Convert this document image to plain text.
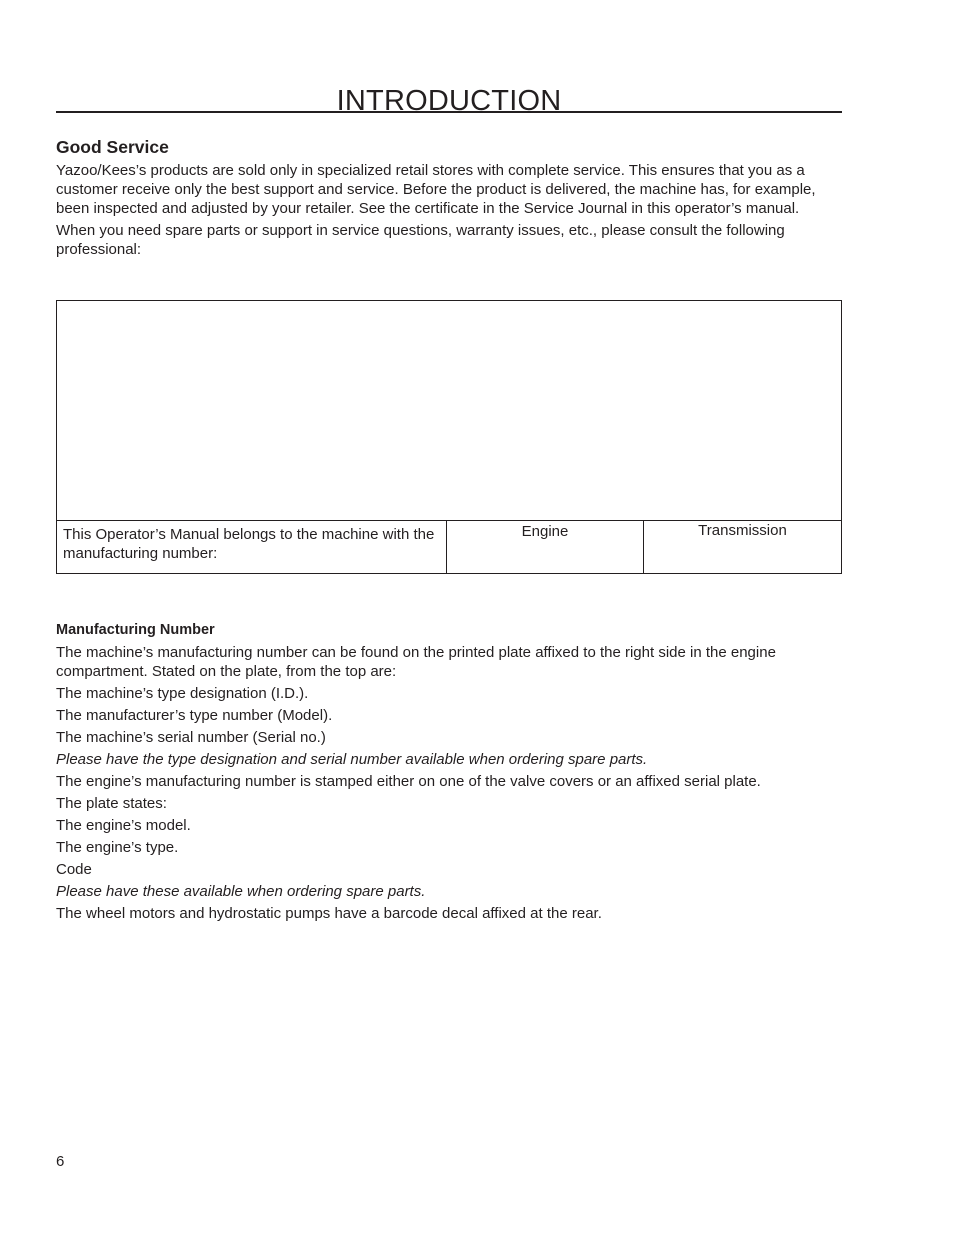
INTRODUCTION
Good Service

Yazoo/Kees’s products are sold only in specialized retail stores with complete service. This ensures that you as a customer receive only the best support and service. Before the product is delivered, the machine has, for example, been inspected and adjusted by your retailer. See the certificate in the Service Journal in this operator’s manual.

When you need spare parts or support in service questions, warranty issues, etc., please consult the following professional:

This Operator’s Manual belongs to the machine with the manufacturing number:
Engine	Transmission
Manufacturing Number

The machine’s manufacturing number can be found on the printed plate affixed to the right side in the engine compartment. Stated on the plate, from the top are:

The machine’s type designation (I.D.).

The manufacturer’s type number (Model).

The machine’s serial number (Serial no.)

Please have the type designation and serial number available when ordering spare parts.

The engine’s manufacturing number is stamped either on one of the valve covers or an affixed serial plate.

The plate states:

The engine’s model.

The engine’s type.

Code

Please have these available when ordering spare parts.

The wheel motors and hydrostatic pumps have a barcode decal affixed at the rear.

6
